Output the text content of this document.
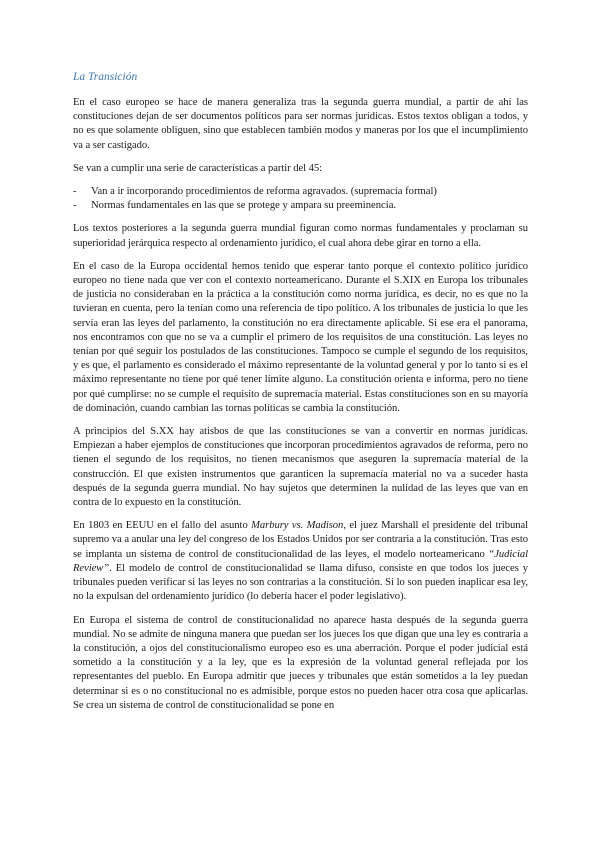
La Transición

En el caso europeo se hace de manera generaliza tras la segunda guerra mundial, a partir de ahí las constituciones dejan de ser documentos políticos para ser normas jurídicas. Estos textos obligan a todos, y no es que solamente obliguen, sino que establecen también modos y maneras por los que el incumplimiento va a ser castigado.

Se van a cumplir una serie de características a partir del 45:

- Van a ir incorporando procedimientos de reforma agravados. (supremacía formal)
- Normas fundamentales en las que se protege y ampara su preeminencia.

Los textos posteriores a la segunda guerra mundial figuran como normas fundamentales y proclaman su superioridad jerárquica respecto al ordenamiento jurídico, el cual ahora debe girar en torno a ella.

En el caso de la Europa occidental hemos tenido que esperar tanto porque el contexto político jurídico europeo no tiene nada que ver con el contexto norteamericano. Durante el S.XIX en Europa los tribunales de justicia no consideraban en la práctica a la constitución como norma jurídica, es decir, no es que no la tuvieran en cuenta, pero la tenían como una referencia de tipo político. A los tribunales de justicia lo que les servía eran las leyes del parlamento, la constitución no era directamente aplicable. Si ese era el panorama, nos encontramos con que no se va a cumplir el primero de los requisitos de una constitución. Las leyes no tenían por qué seguir los postulados de las constituciones. Tampoco se cumple el segundo de los requisitos, y es que, el parlamento es considerado el máximo representante de la voluntad general y por lo tanto si es el máximo representante no tiene por qué tener límite alguno. La constitución orienta e informa, pero no tiene por qué cumplirse: no se cumple el requisito de supremacía material. Estas constituciones son en su mayoría de dominación, cuando cambian las tornas políticas se cambia la constitución.

A principios del S.XX hay atisbos de que las constituciones se van a convertir en normas jurídicas. Empiezan a haber ejemplos de constituciones que incorporan procedimientos agravados de reforma, pero no tienen el segundo de los requisitos, no tienen mecanismos que aseguren la supremacía material de la construcción. El que existen instrumentos que garanticen la supremacía material no va a suceder hasta después de la segunda guerra mundial. No hay sujetos que determinen la nulidad de las leyes que van en contra de lo expuesto en la constitución.

En 1803 en EEUU en el fallo del asunto Marbury vs. Madison, el juez Marshall el presidente del tribunal supremo va a anular una ley del congreso de los Estados Unidos por ser contraria a la constitución. Tras esto se implanta un sistema de control de constitucionalidad de las leyes, el modelo norteamericano “Judicial Review”. El modelo de control de constitucionalidad se llama difuso, consiste en que todos los jueces y tribunales pueden verificar si las leyes no son contrarias a la constitución. Si lo son pueden inaplicar esa ley, no la expulsan del ordenamiento jurídico (lo debería hacer el poder legislativo).

En Europa el sistema de control de constitucionalidad no aparece hasta después de la segunda guerra mundial. No se admite de ninguna manera que puedan ser los jueces los que digan que una ley es contraria a la constitución, a ojos del constitucionalismo europeo eso es una aberración. Porque el poder judicial está sometido a la constitución y a la ley, que es la expresión de la voluntad general reflejada por los representantes del pueblo. En Europa admitir que jueces y tribunales que están sometidos a la ley puedan determinar si es o no constitucional no es admisible, porque estos no pueden hacer otra cosa que aplicarlas. Se crea un sistema de control de constitucionalidad se pone en
